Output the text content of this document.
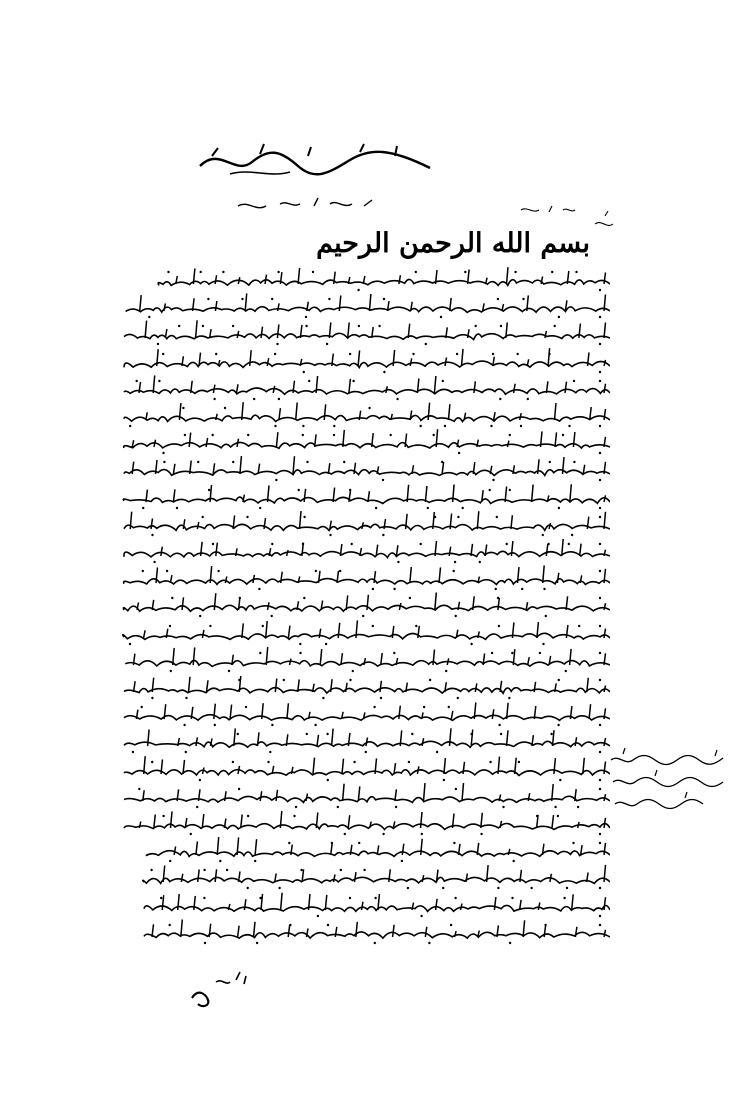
بسم الله الرحمن الرحيم
